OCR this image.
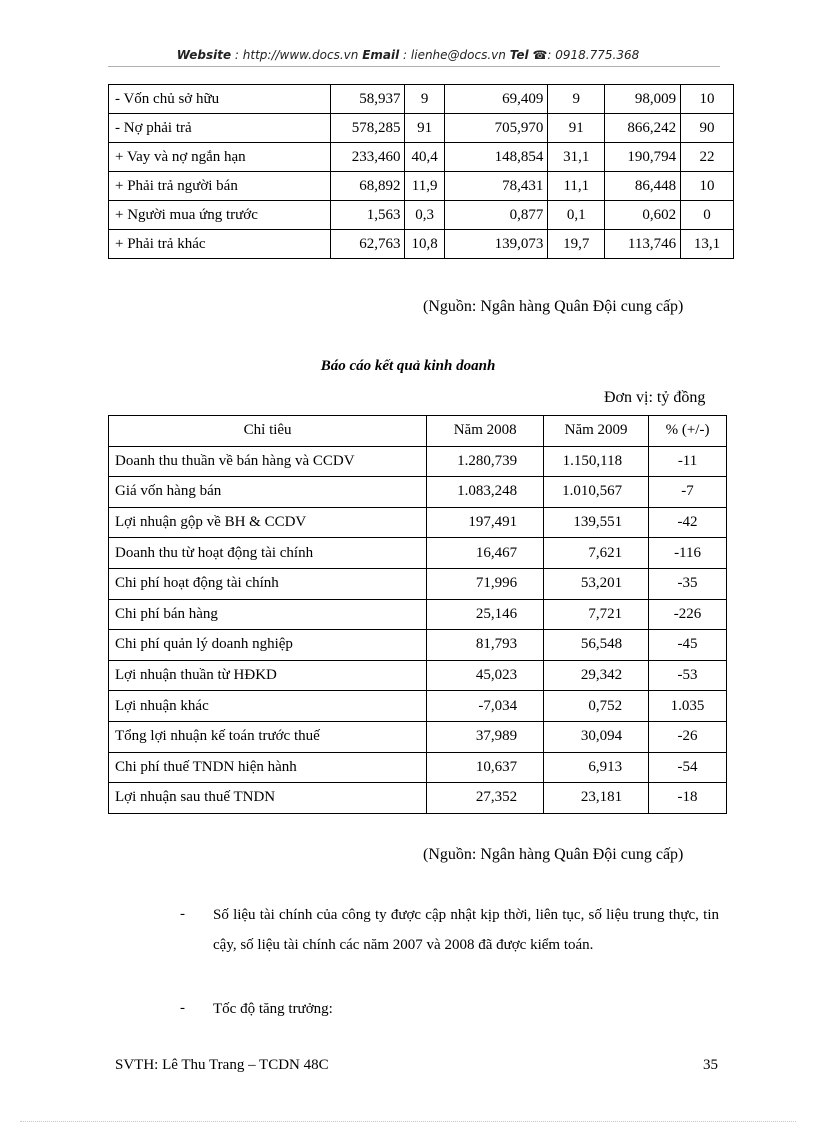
Website : http://www.docs.vn Email : lienhe@docs.vn Tel ☎: 0918.775.368
- Vốn chủ sở hữu	58,937	9	69,409	9	98,009	10
- Nợ phải trả	578,285	91	705,970	91	866,242	90
+ Vay và nợ ngắn hạn	233,460	40,4	148,854	31,1	190,794	22
+ Phải trả người bán	68,892	11,9	78,431	11,1	86,448	10
+ Người mua ứng trước	1,563	0,3	0,877	0,1	0,602	0
+ Phải trả khác	62,763	10,8	139,073	19,7	113,746	13,1
(Nguồn: Ngân hàng Quân Đội cung cấp)
Báo cáo kết quả kinh doanh
Đơn vị: tỷ đồng
Chỉ tiêu	Năm 2008	Năm 2009	% (+/-)
Doanh thu thuần về bán hàng và CCDV	1.280,739	1.150,118	-11
Giá vốn hàng bán	1.083,248	1.010,567	-7
Lợi nhuận gộp về BH & CCDV	197,491	139,551	-42
Doanh thu từ hoạt động tài chính	16,467	7,621	-116
Chi phí hoạt động tài chính	71,996	53,201	-35
Chi phí bán hàng	25,146	7,721	-226
Chi phí quản lý doanh nghiệp	81,793	56,548	-45
Lợi nhuận thuần từ HĐKD	45,023	29,342	-53
Lợi nhuận khác	-7,034	0,752	1.035
Tổng lợi nhuận kế toán trước thuế	37,989	30,094	-26
Chi phí thuế TNDN hiện hành	10,637	6,913	-54
Lợi nhuận sau thuế TNDN	27,352	23,181	-18
(Nguồn: Ngân hàng Quân Đội cung cấp)
- Số liệu tài chính của công ty được cập nhật kịp thời, liên tục, số liệu trung thực, tin cậy, số liệu tài chính các năm 2007 và 2008 đã được kiểm toán.
- Tốc độ tăng trưởng:
SVTH: Lê Thu Trang – TCDN 48C	35
